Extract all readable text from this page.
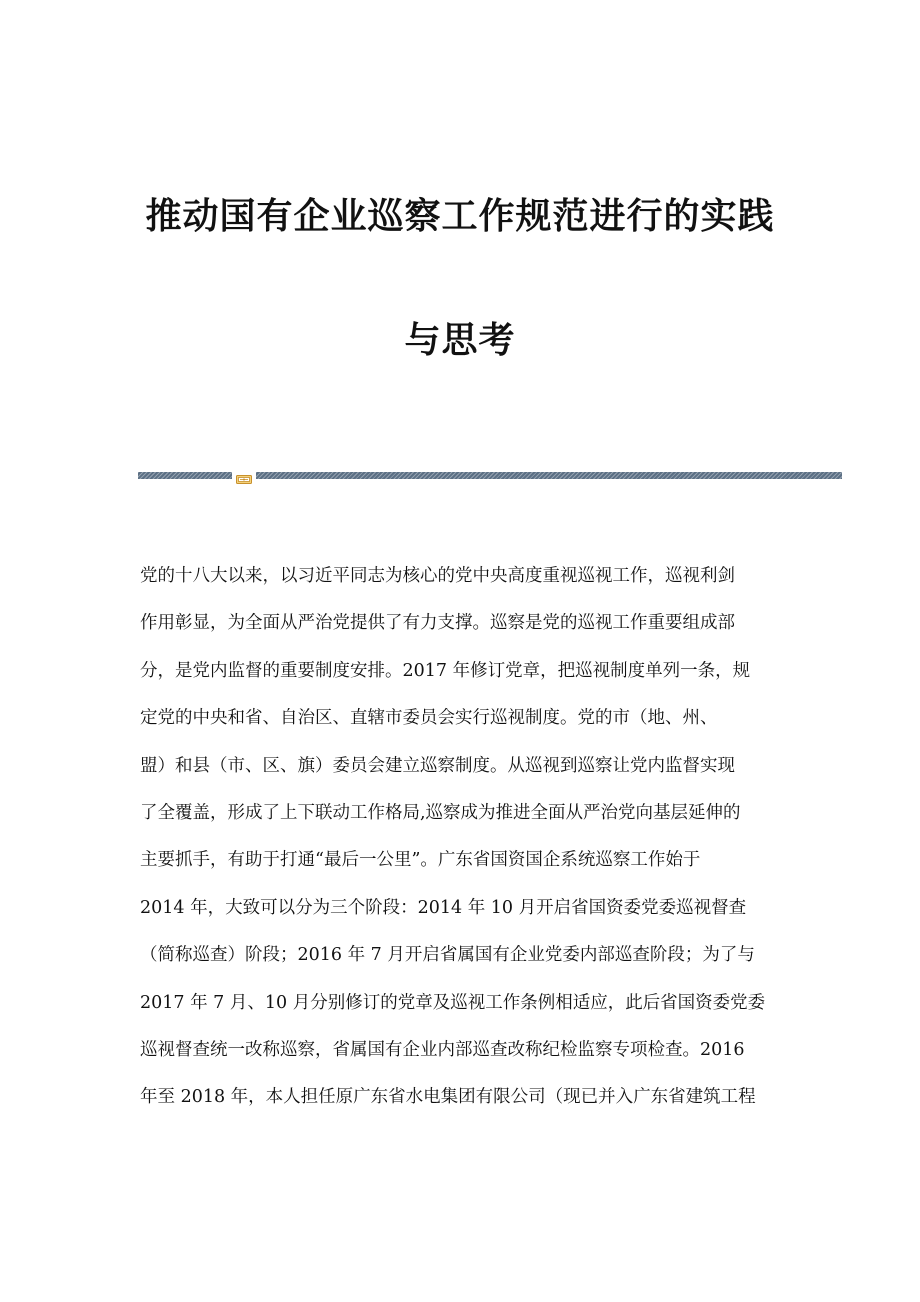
推动国有企业巡察工作规范进行的实践
与思考
党的十八大以来，以习近平同志为核心的党中央高度重视巡视工作，巡视利剑
作用彰显，为全面从严治党提供了有力支撑。巡察是党的巡视工作重要组成部
分，是党内监督的重要制度安排。2017 年修订党章，把巡视制度单列一条，规
定党的中央和省、自治区、直辖市委员会实行巡视制度。党的市（地、州、
盟）和县（市、区、旗）委员会建立巡察制度。从巡视到巡察让党内监督实现
了全覆盖，形成了上下联动工作格局,巡察成为推进全面从严治党向基层延伸的
主要抓手，有助于打通“最后一公里”。广东省国资国企系统巡察工作始于
2014 年，大致可以分为三个阶段：2014 年 10 月开启省国资委党委巡视督查
（简称巡查）阶段；2016 年 7 月开启省属国有企业党委内部巡查阶段；为了与
2017 年 7 月、10 月分别修订的党章及巡视工作条例相适应，此后省国资委党委
巡视督查统一改称巡察，省属国有企业内部巡查改称纪检监察专项检查。2016
年至 2018 年，本人担任原广东省水电集团有限公司（现已并入广东省建筑工程
